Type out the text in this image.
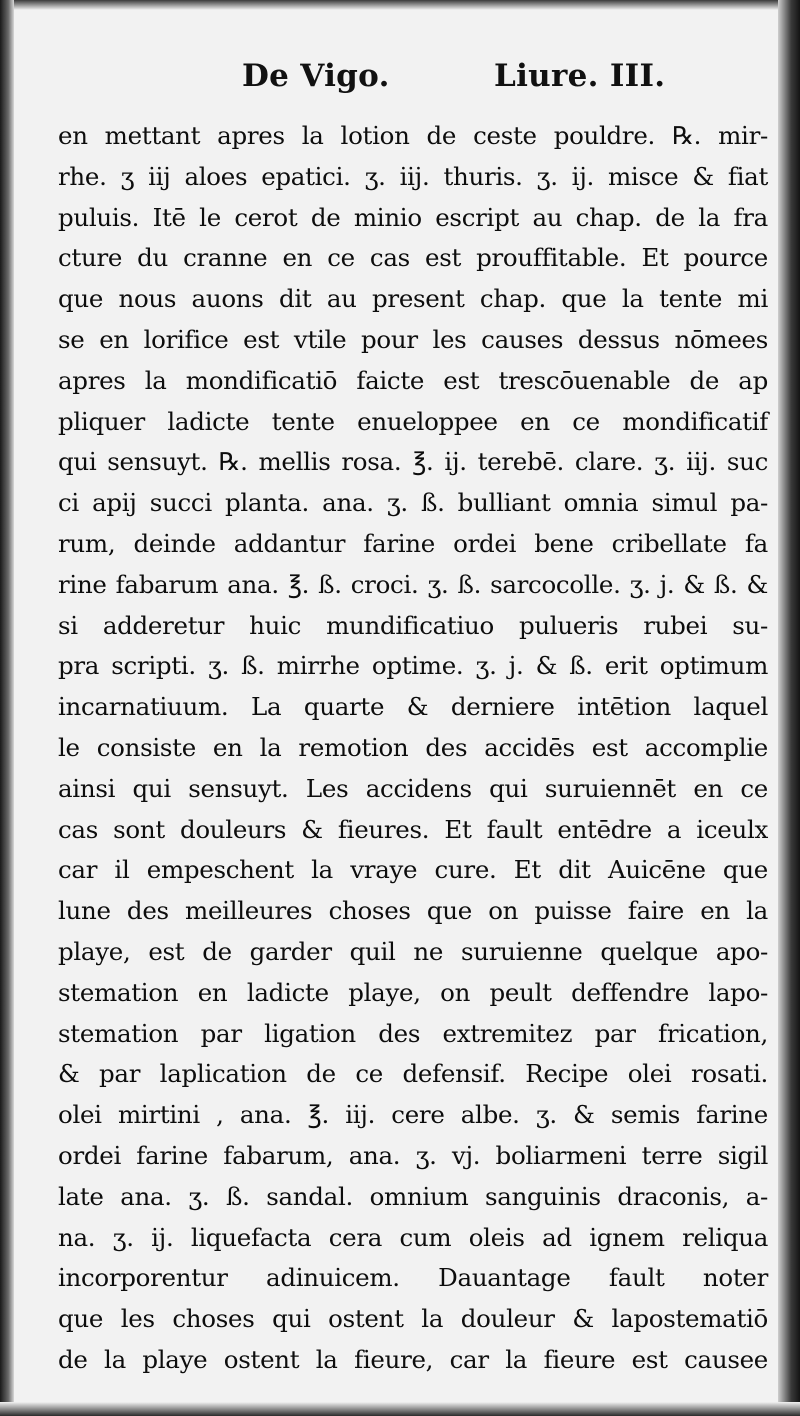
De Vigo.	Liure. III.
en mettant apres la lotion de ceste pouldre. ℞. mir-
rhe. ʒ iij aloes epatici. ʒ. iij. thuris. ʒ. ij. misce & fiat
puluis. Itē le cerot de minio escript au chap. de la fra
cture du cranne en ce cas est prouffitable. Et pource
que nous auons dit au present chap. que la tente mi
se en lorifice est vtile pour les causes dessus nōmees
apres la mondificatiō faicte est trescōuenable de ap
pliquer ladicte tente enueloppee en ce mondificatif
qui sensuyt. ℞. mellis rosa. ℥. ij. terebē. clare. ʒ. iij. suc
ci apij succi planta. ana. ʒ. ß. bulliant omnia simul pa-
rum, deinde addantur farine ordei bene cribellate fa
rine fabarum ana. ℥. ß. croci. ʒ. ß. sarcocolle. ʒ. j. & ß. &
si adderetur huic mundificatiuo pulueris rubei su-
pra scripti. ʒ. ß. mirrhe optime. ʒ. j. & ß. erit optimum
incarnatiuum. La quarte & derniere intētion laquel
le consiste en la remotion des accidēs est accomplie
ainsi qui sensuyt. Les accidens qui suruiennēt en ce
cas sont douleurs & fieures. Et fault entēdre a iceulx
car il empeschent la vraye cure. Et dit Auicēne que
lune des meilleures choses que on puisse faire en la
playe, est de garder quil ne suruienne quelque apo-
stemation en ladicte playe, on peult deffendre lapo-
stemation par ligation des extremitez par frication,
& par laplication de ce defensif. Recipe olei rosati.
olei mirtini , ana. ℥. iij. cere albe. ʒ. & semis farine
ordei farine fabarum, ana. ʒ. vj. boliarmeni terre sigil
late ana. ʒ. ß. sandal. omnium sanguinis draconis, a-
na. ʒ. ij. liquefacta cera cum oleis ad ignem reliqua
incorporentur adinuicem. Dauantage fault noter
que les choses qui ostent la douleur & lapostematiō
de la playe ostent la fieure, car la fieure est causee
